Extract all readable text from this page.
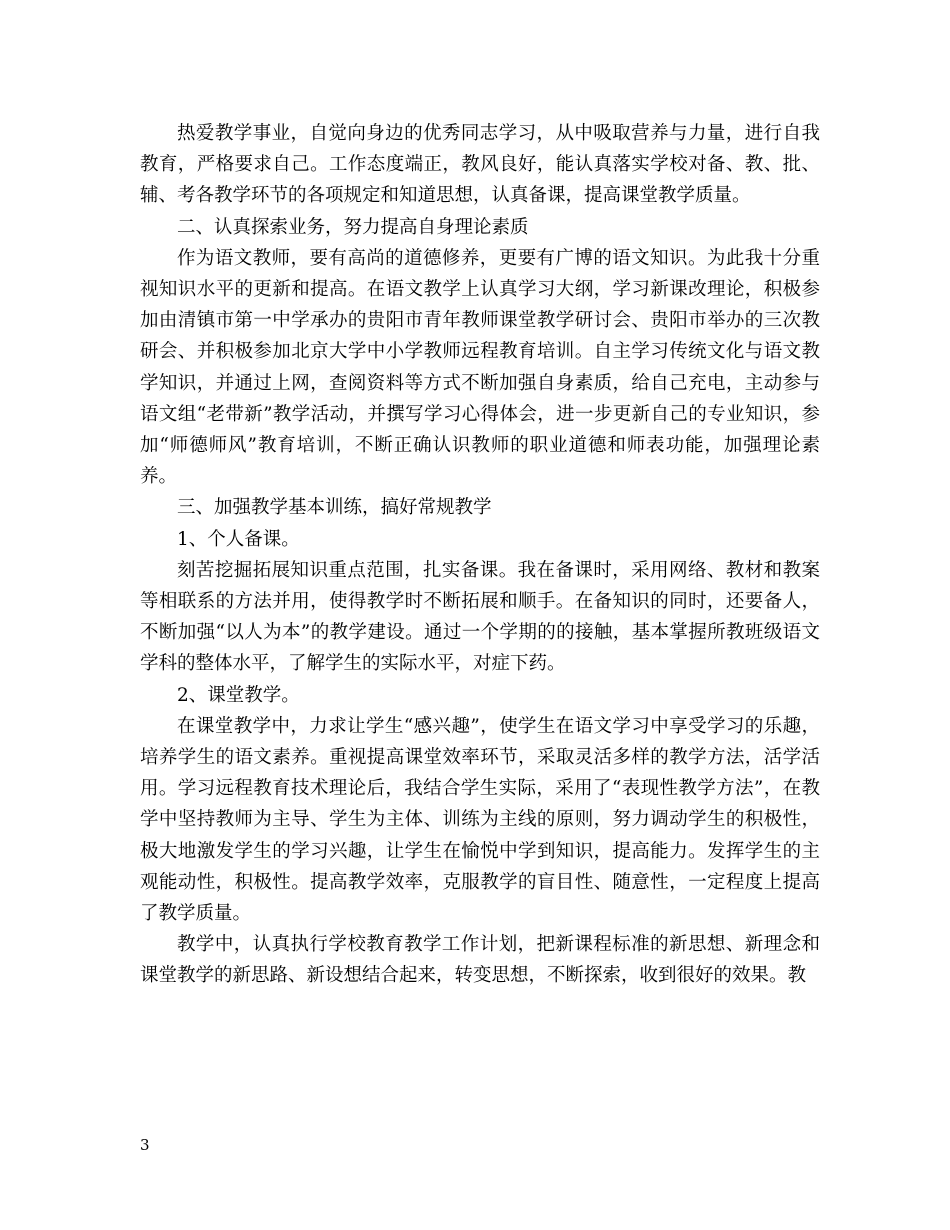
热爱教学事业，自觉向身边的优秀同志学习，从中吸取营养与力量，进行自我教育，严格要求自己。工作态度端正，教风良好，能认真落实学校对备、教、批、辅、考各教学环节的各项规定和知道思想，认真备课，提高课堂教学质量。

二、认真探索业务，努力提高自身理论素质

作为语文教师，要有高尚的道德修养，更要有广博的语文知识。为此我十分重视知识水平的更新和提高。在语文教学上认真学习大纲，学习新课改理论，积极参加由清镇市第一中学承办的贵阳市青年教师课堂教学研讨会、贵阳市举办的三次教研会、并积极参加北京大学中小学教师远程教育培训。自主学习传统文化与语文教学知识，并通过上网，查阅资料等方式不断加强自身素质，给自己充电，主动参与语文组“老带新”教学活动，并撰写学习心得体会，进一步更新自己的专业知识，参加“师德师风”教育培训，不断正确认识教师的职业道德和师表功能，加强理论素养。

三、加强教学基本训练，搞好常规教学

1、个人备课。

刻苦挖掘拓展知识重点范围，扎实备课。我在备课时，采用网络、教材和教案等相联系的方法并用，使得教学时不断拓展和顺手。在备知识的同时，还要备人，不断加强“以人为本”的教学建设。通过一个学期的的接触，基本掌握所教班级语文学科的整体水平，了解学生的实际水平，对症下药。

2、课堂教学。

在课堂教学中，力求让学生“感兴趣”，使学生在语文学习中享受学习的乐趣，培养学生的语文素养。重视提高课堂效率环节，采取灵活多样的教学方法，活学活用。学习远程教育技术理论后，我结合学生实际，采用了“表现性教学方法”，在教学中坚持教师为主导、学生为主体、训练为主线的原则，努力调动学生的积极性，极大地激发学生的学习兴趣，让学生在愉悦中学到知识，提高能力。发挥学生的主观能动性，积极性。提高教学效率，克服教学的盲目性、随意性，一定程度上提高了教学质量。

教学中，认真执行学校教育教学工作计划，把新课程标准的新思想、新理念和课堂教学的新思路、新设想结合起来，转变思想，不断探索，收到很好的效果。教

3
